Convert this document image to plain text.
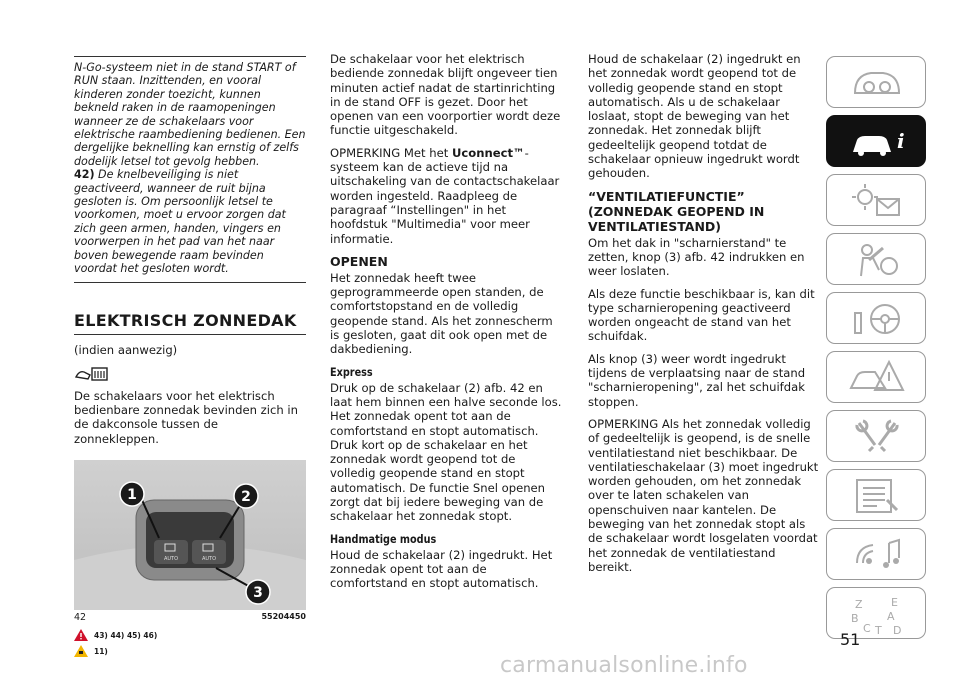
N-Go-systeem niet in de stand START of RUN staan. Inzittenden, en vooral kinderen zonder toezicht, kunnen bekneld raken in de raamopeningen wanneer ze de schakelaars voor elektrische raambediening bedienen. Een dergelijke beknelling kan ernstig of zelfs dodelijk letsel tot gevolg hebben.

42) De knelbeveiliging is niet geactiveerd, wanneer de ruit bijna gesloten is. Om persoonlijk letsel te voorkomen, moet u ervoor zorgen dat zich geen armen, handen, vingers en voorwerpen in het pad van het naar boven bewegende raam bevinden voordat het gesloten wordt.

ELEKTRISCH ZONNEDAK

(indien aanwezig)

De schakelaars voor het elektrisch bedienbare zonnedak bevinden zich in de dakconsole tussen de zonnekleppen.

AUTO	AUTO
1	2
3
42	55204450
43) 44) 45) 46)
11)

De schakelaar voor het elektrisch bediende zonnedak blijft ongeveer tien minuten actief nadat de startinrichting in de stand OFF is gezet. Door het openen van een voorportier wordt deze functie uitgeschakeld.

OPMERKING Met het Uconnect™-systeem kan de actieve tijd na uitschakeling van de contactschakelaar worden ingesteld. Raadpleeg de paragraaf “Instellingen" in het hoofdstuk "Multimedia" voor meer informatie.

OPENEN

Het zonnedak heeft twee geprogrammeerde open standen, de comfortstopstand en de volledig geopende stand. Als het zonnescherm is gesloten, gaat dit ook open met de dakbediening.

Express

Druk op de schakelaar (2) afb. 42 en laat hem binnen een halve seconde los. Het zonnedak opent tot aan de comfortstand en stopt automatisch. Druk kort op de schakelaar en het zonnedak wordt geopend tot de volledig geopende stand en stopt automatisch. De functie Snel openen zorgt dat bij iedere beweging van de schakelaar het zonnedak stopt.

Handmatige modus

Houd de schakelaar (2) ingedrukt. Het zonnedak opent tot aan de comfortstand en stopt automatisch.

Houd de schakelaar (2) ingedrukt en het zonnedak wordt geopend tot de volledig geopende stand en stopt automatisch. Als u de schakelaar loslaat, stopt de beweging van het zonnedak. Het zonnedak blijft gedeeltelijk geopend totdat de schakelaar opnieuw ingedrukt wordt gehouden.

“VENTILATIEFUNCTIE” (ZONNEDAK GEOPEND IN VENTILATIESTAND)

Om het dak in "scharnierstand" te zetten, knop (3) afb. 42 indrukken en weer loslaten.

Als deze functie beschikbaar is, kan dit type scharnieropening geactiveerd worden ongeacht de stand van het schuifdak.

Als knop (3) weer wordt ingedrukt tijdens de verplaatsing naar de stand "scharnieropening", zal het schuifdak stoppen.

OPMERKING Als het zonnedak volledig of gedeeltelijk is geopend, is de snelle ventilatiestand niet beschikbaar. De ventilatieschakelaar (3) moet ingedrukt worden gehouden, om het zonnedak over te laten schakelen van openschuiven naar kantelen. De beweging van het zonnedak stopt als de schakelaar wordt losgelaten voordat het zonnedak de ventilatiestand bereikt.

i
Z	E
B	A
C T D
51
carmanualsonline.info
